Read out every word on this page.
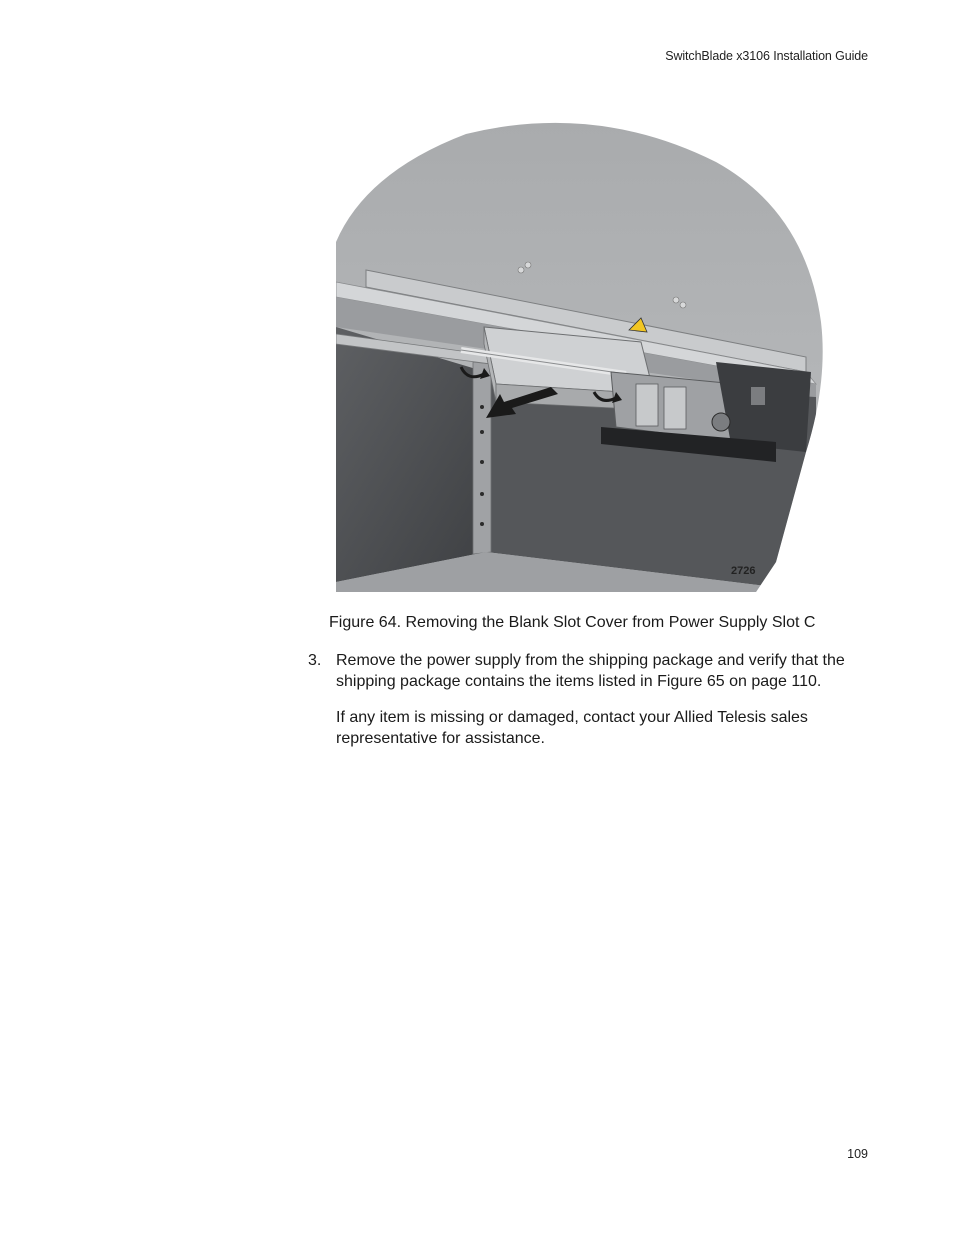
SwitchBlade x3106 Installation Guide
2726
Figure 64. Removing the Blank Slot Cover from Power Supply Slot C
3. Remove the power supply from the shipping package and verify that the shipping package contains the items listed in Figure 65 on page 110.
If any item is missing or damaged, contact your Allied Telesis sales representative for assistance.
109
